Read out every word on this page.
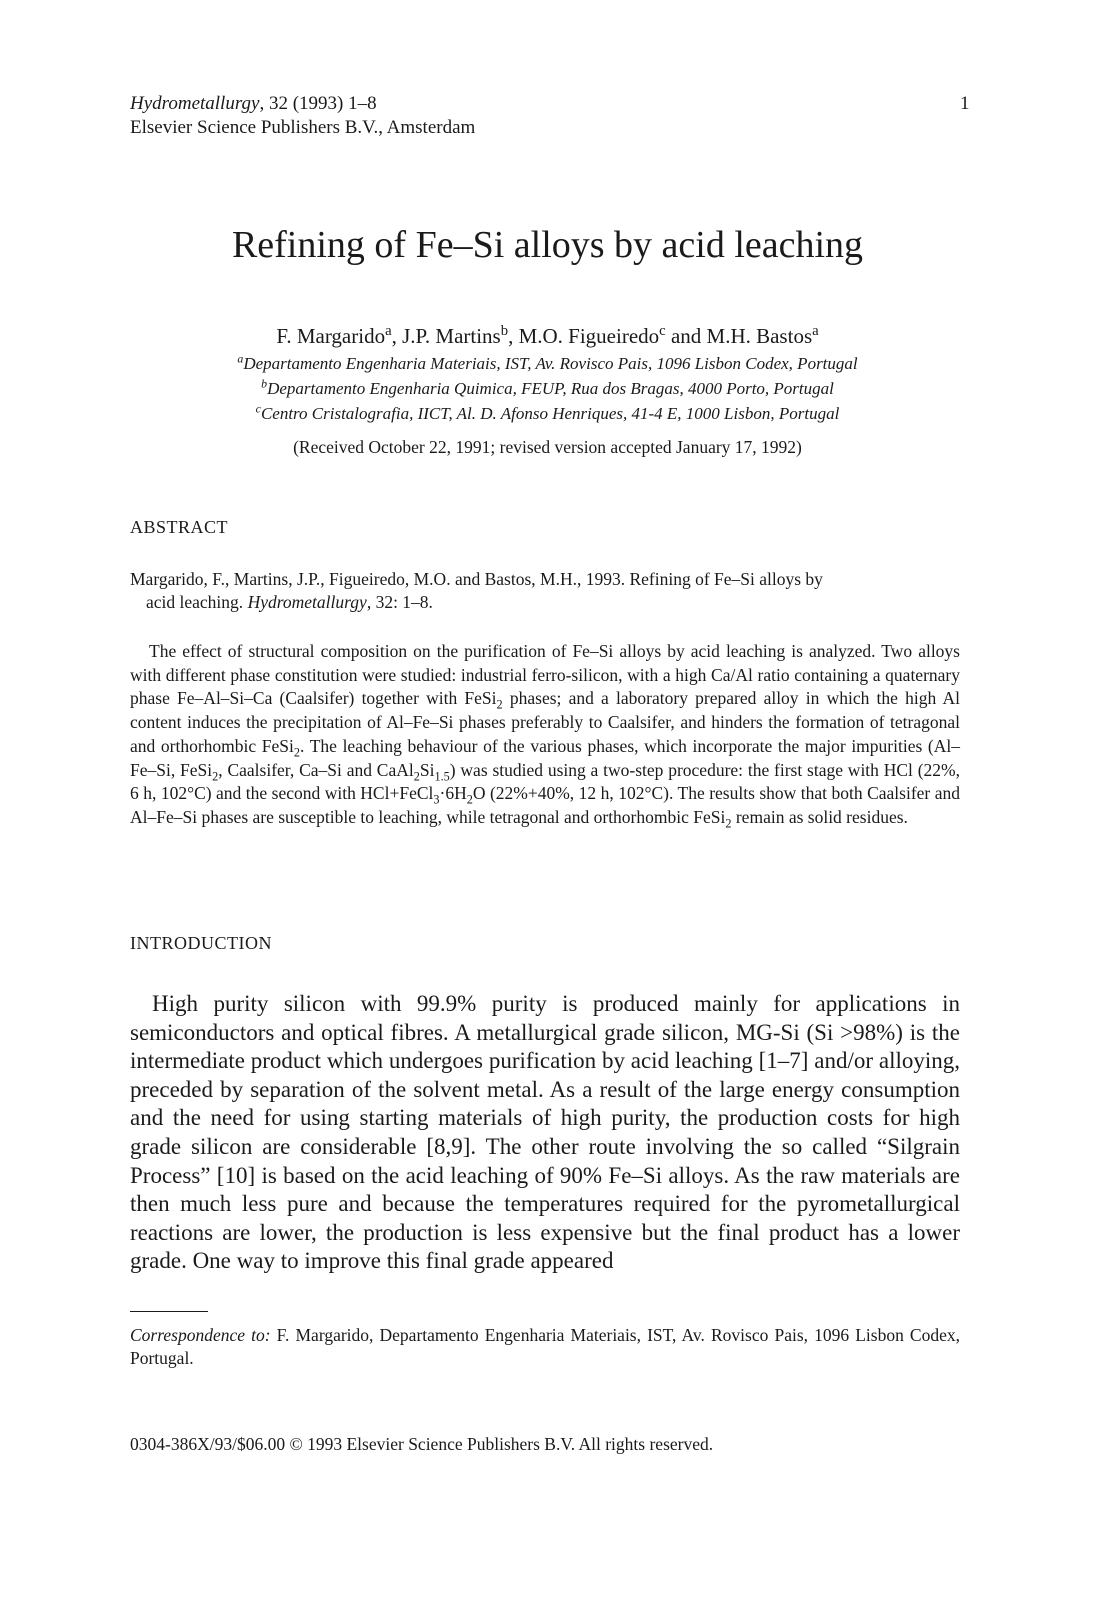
Hydrometallurgy, 32 (1993) 1–8
Elsevier Science Publishers B.V., Amsterdam
1
Refining of Fe–Si alloys by acid leaching
F. Margarido$^a$, J.P. Martins$^b$, M.O. Figueiredo$^c$ and M.H. Bastos$^a$
$^a$Departamento Engenharia Materiais, IST, Av. Rovisco Pais, 1096 Lisbon Codex, Portugal
$^b$Departamento Engenharia Quimica, FEUP, Rua dos Bragas, 4000 Porto, Portugal
$^c$Centro Cristalografia, IICT, Al. D. Afonso Henriques, 41-4 E, 1000 Lisbon, Portugal
(Received October 22, 1991; revised version accepted January 17, 1992)
ABSTRACT
Margarido, F., Martins, J.P., Figueiredo, M.O. and Bastos, M.H., 1993. Refining of Fe–Si alloys by
acid leaching. Hydrometallurgy, 32: 1–8.
The effect of structural composition on the purification of Fe–Si alloys by acid leaching is analyzed. Two alloys with different phase constitution were studied: industrial ferro-silicon, with a high Ca/Al ratio containing a quaternary phase Fe–Al–Si–Ca (Caalsifer) together with FeSi$_2$ phases; and a laboratory prepared alloy in which the high Al content induces the precipitation of Al–Fe–Si phases preferably to Caalsifer, and hinders the formation of tetragonal and orthorhombic FeSi$_2$. The leaching behaviour of the various phases, which incorporate the major impurities (Al–Fe–Si, FeSi$_2$, Caalsifer, Ca–Si and $CaAl_2Si_{1.5}$) was studied using a two-step procedure: the first stage with HCl (22%, 6 h, 102°C) and the second with $HCl+FeCl_3\cdot 6H_2O$ (22%+40%, 12 h, 102°C). The results show that both Caalsifer and Al–Fe–Si phases are susceptible to leaching, while tetragonal and orthorhombic FeSi$_2$ remain as solid residues.
INTRODUCTION
High purity silicon with 99.9% purity is produced mainly for applications in semiconductors and optical fibres. A metallurgical grade silicon, MG-Si (Si >98%) is the intermediate product which undergoes purification by acid leaching [1–7] and/or alloying, preceded by separation of the solvent metal. As a result of the large energy consumption and the need for using starting materials of high purity, the production costs for high grade silicon are considerable [8,9]. The other route involving the so called “Silgrain Process” [10] is based on the acid leaching of 90% Fe–Si alloys. As the raw materials are then much less pure and because the temperatures required for the pyrometallurgical reactions are lower, the production is less expensive but the final product has a lower grade. One way to improve this final grade appeared
Correspondence to: F. Margarido, Departamento Engenharia Materiais, IST, Av. Rovisco Pais, 1096 Lisbon Codex, Portugal.
0304-386X/93/$06.00 © 1993 Elsevier Science Publishers B.V. All rights reserved.
